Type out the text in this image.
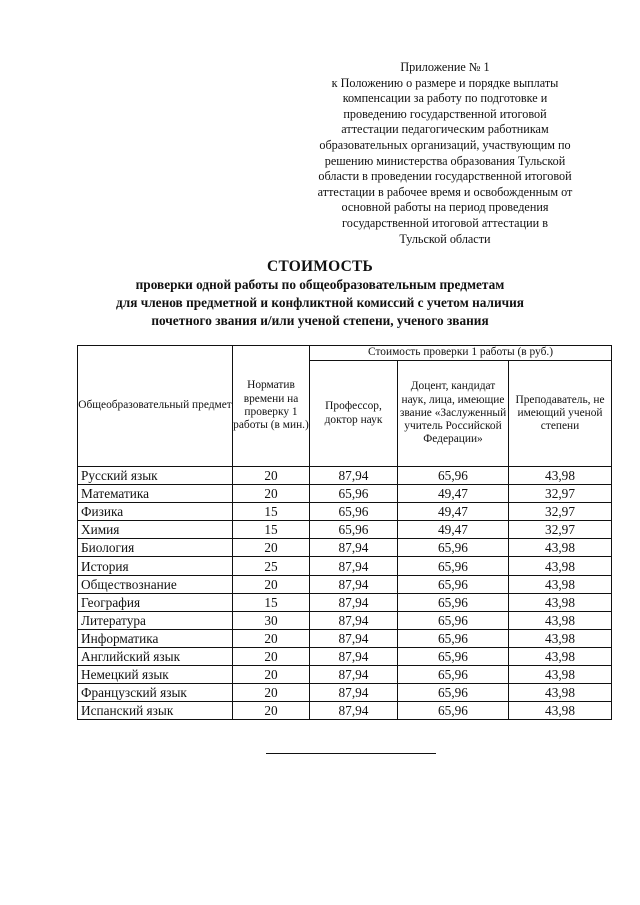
Приложение № 1
к Положению о размере и порядке выплаты
компенсации за работу по подготовке и
проведению государственной итоговой
аттестации педагогическим работникам
образовательных организаций, участвующим по
решению министерства образования Тульской
области в проведении государственной итоговой
аттестации в рабочее время и освобожденным от
основной работы на период проведения
государственной итоговой аттестации в
Тульской области
СТОИМОСТЬ
проверки одной работы по общеобразовательным предметам
для членов предметной и конфликтной комиссий с учетом наличия
почетного звания и/или ученой степени, ученого звания
Общеобразовательный предмет	Норматив времени на проверку 1 работы (в мин.)	Стоимость проверки 1 работы (в руб.)		
		Профессор, доктор наук	Доцент, кандидат наук, лица, имеющие звание «Заслуженный учитель Российской Федерации»	Преподаватель, не имеющий ученой степени
Русский язык	20	87,94	65,96	43,98
Математика	20	65,96	49,47	32,97
Физика	15	65,96	49,47	32,97
Химия	15	65,96	49,47	32,97
Биология	20	87,94	65,96	43,98
История	25	87,94	65,96	43,98
Обществознание	20	87,94	65,96	43,98
География	15	87,94	65,96	43,98
Литература	30	87,94	65,96	43,98
Информатика	20	87,94	65,96	43,98
Английский язык	20	87,94	65,96	43,98
Немецкий язык	20	87,94	65,96	43,98
Французский язык	20	87,94	65,96	43,98
Испанский язык	20	87,94	65,96	43,98
